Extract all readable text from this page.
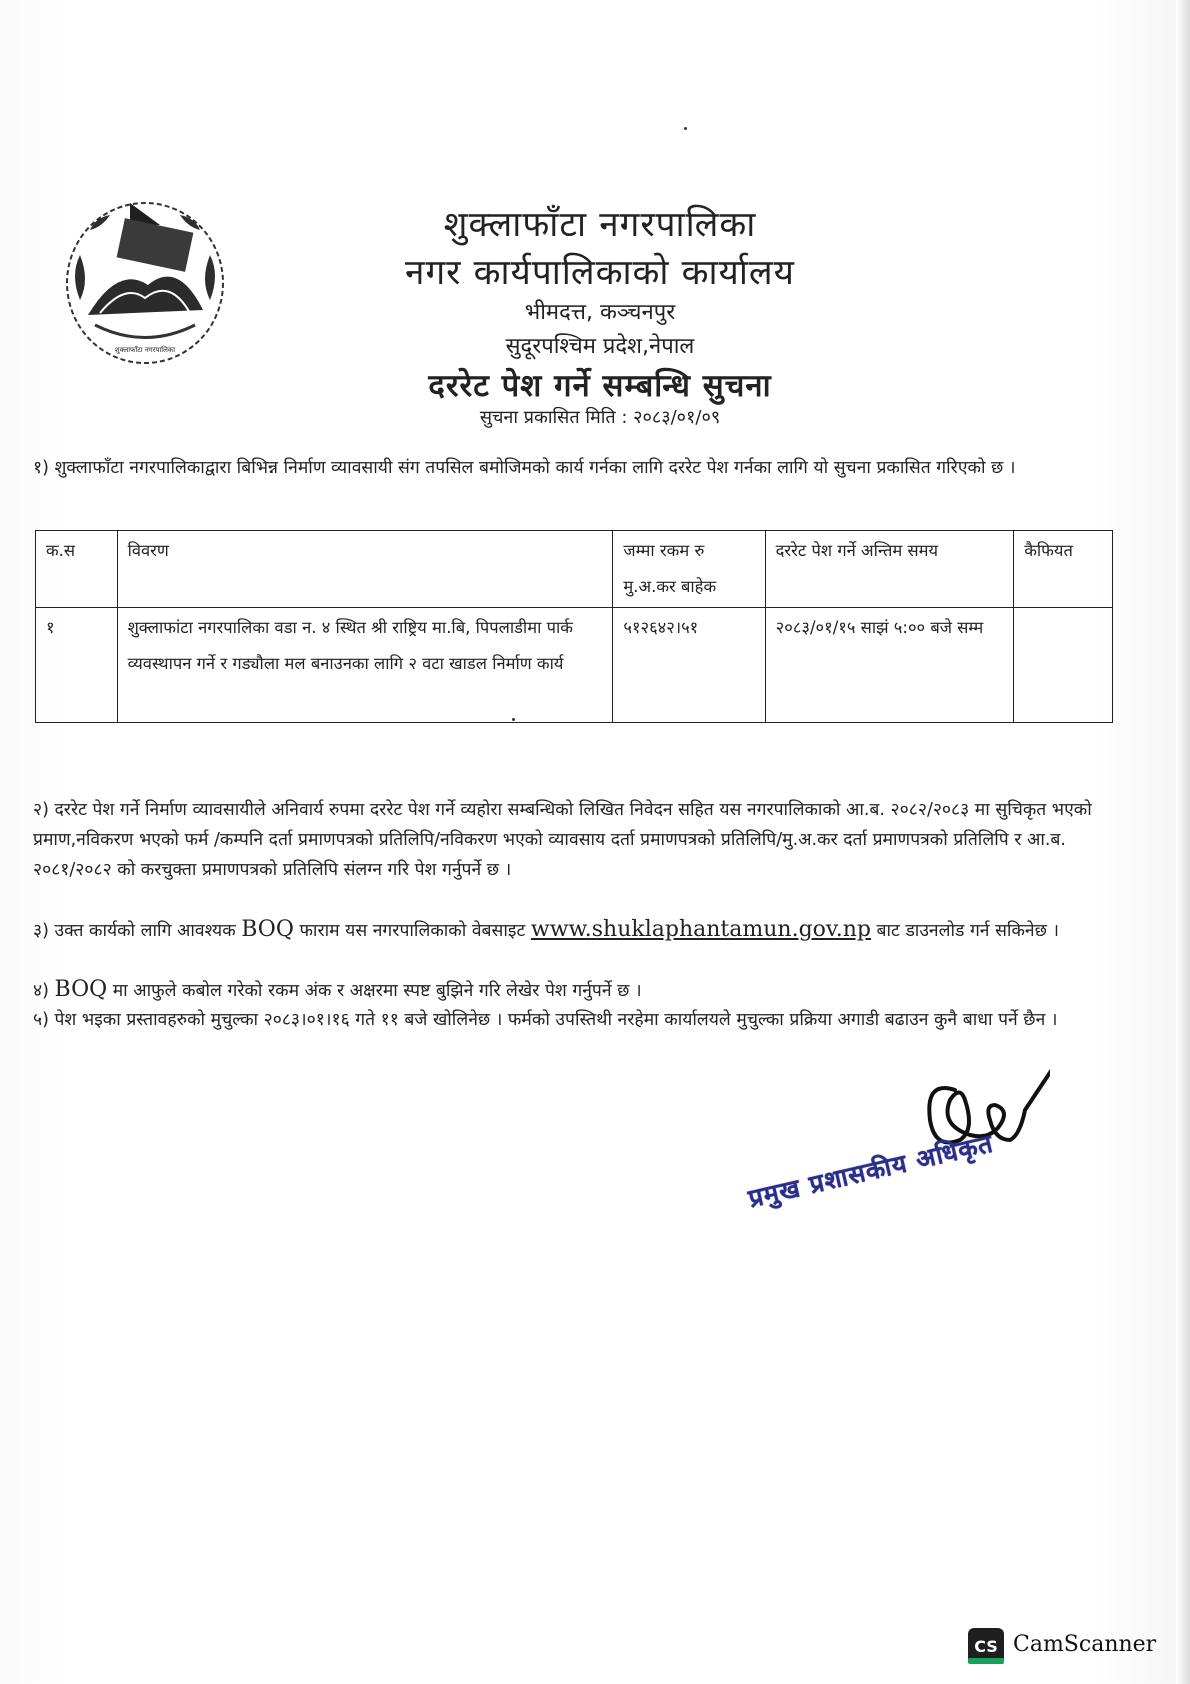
शुक्लाफाँटा नगरपालिका
शुक्लाफाँटा नगरपालिका
नगर कार्यपालिकाको कार्यालय
भीमदत्त, कञ्चनपुर
सुदूरपश्चिम प्रदेश,नेपाल
दररेट पेश गर्ने सम्बन्धि सुचना
सुचना प्रकासित मिति : २०८३/०१/०९
१) शुक्लाफाँटा नगरपालिकाद्वारा बिभिन्न निर्माण व्यावसायी संग तपसिल बमोजिमको कार्य गर्नका लागि दररेट पेश गर्नका लागि यो सुचना प्रकासित गरिएको छ ।
क.स	विवरण	जम्मा रकम रु मु.अ.कर बाहेक	दररेट पेश गर्ने अन्तिम समय	कैफियत
१	शुक्लाफांटा नगरपालिका वडा न. ४ स्थित श्री राष्ट्रिय मा.बि, पिपलाडीमा पार्क व्यवस्थापन गर्ने र गड्यौला मल बनाउनका लागि २ वटा खाडल निर्माण कार्य	५१२६४२।५१	२०८३/०१/१५ साझं ५:०० बजे सम्म	
२) दररेट पेश गर्ने निर्माण व्यावसायीले अनिवार्य रुपमा दररेट पेश गर्ने व्यहोरा सम्बन्धिको लिखित निवेदन सहित यस नगरपालिकाको आ.ब. २०८२/२०८३ मा सुचिकृत भएको प्रमाण,नविकरण भएको फर्म /कम्पनि दर्ता प्रमाणपत्रको प्रतिलिपि/नविकरण भएको व्यावसाय दर्ता प्रमाणपत्रको प्रतिलिपि/मु.अ.कर दर्ता प्रमाणपत्रको प्रतिलिपि र आ.ब. २०८१/२०८२ को करचुक्ता प्रमाणपत्रको प्रतिलिपि संलग्न गरि पेश गर्नुपर्ने छ ।
३) उक्त कार्यको लागि आवश्यक BOQ फाराम यस नगरपालिकाको वेबसाइट www.shuklaphantamun.gov.np बाट डाउनलोड गर्न सकिनेछ ।
४) BOQ मा आफुले कबोल गरेको रकम अंक र अक्षरमा स्पष्ट बुझिने गरि लेखेर पेश गर्नुपर्ने छ ।
५) पेश भइका प्रस्तावहरुको मुचुल्का २०८३।०१।१६ गते ११ बजे खोलिनेछ । फर्मको उपस्तिथी नरहेमा कार्यालयले मुचुल्का प्रक्रिया अगाडी बढाउन कुनै बाधा पर्ने छैन ।
प्रमुख प्रशासकीय अधिकृत
CS CamScanner
